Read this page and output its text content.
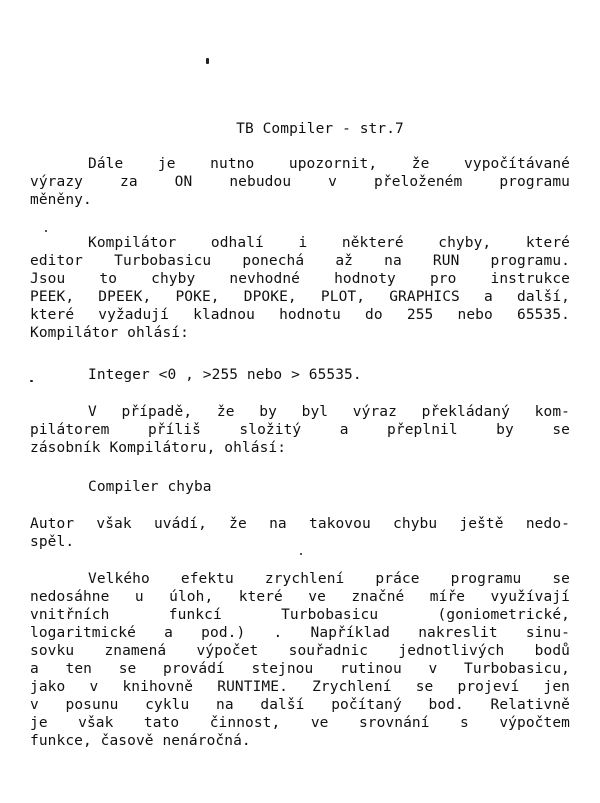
TB Compiler - str.7
Dále je nutno upozornit, že vypočítávané
výrazy za ON nebudou v přeloženém programu
měněny.
Kompilátor odhalí i některé chyby, které
editor Turbobasicu ponechá až na RUN programu.
Jsou to chyby nevhodné hodnoty pro instrukce
PEEK, DPEEK, POKE, DPOKE, PLOT, GRAPHICS a další,
které vyžadují kladnou hodnotu do 255 nebo 65535.
Kompilátor ohlásí:
Integer <0 , >255 nebo > 65535.
V případě, že by byl výraz překládaný kom-
pilátorem příliš složitý a přeplnil by se
zásobník Kompilátoru, ohlásí:
Compiler chyba
Autor však uvádí, že na takovou chybu ještě nedo-
spěl.
Velkého efektu zrychlení práce programu se
nedosáhne u úloh, které ve značné míře využívají
vnitřních funkcí Turbobasicu (goniometrické,
logaritmické a pod.) . Například nakreslit sinu-
sovku znamená výpočet souřadnic jednotlivých bodů
a ten se provádí stejnou rutinou v Turbobasicu,
jako v knihovně RUNTIME. Zrychlení se projeví jen
v posunu cyklu na další počítaný bod. Relativně
je však tato činnost, ve srovnání s výpočtem
funkce, časově nenáročná.
